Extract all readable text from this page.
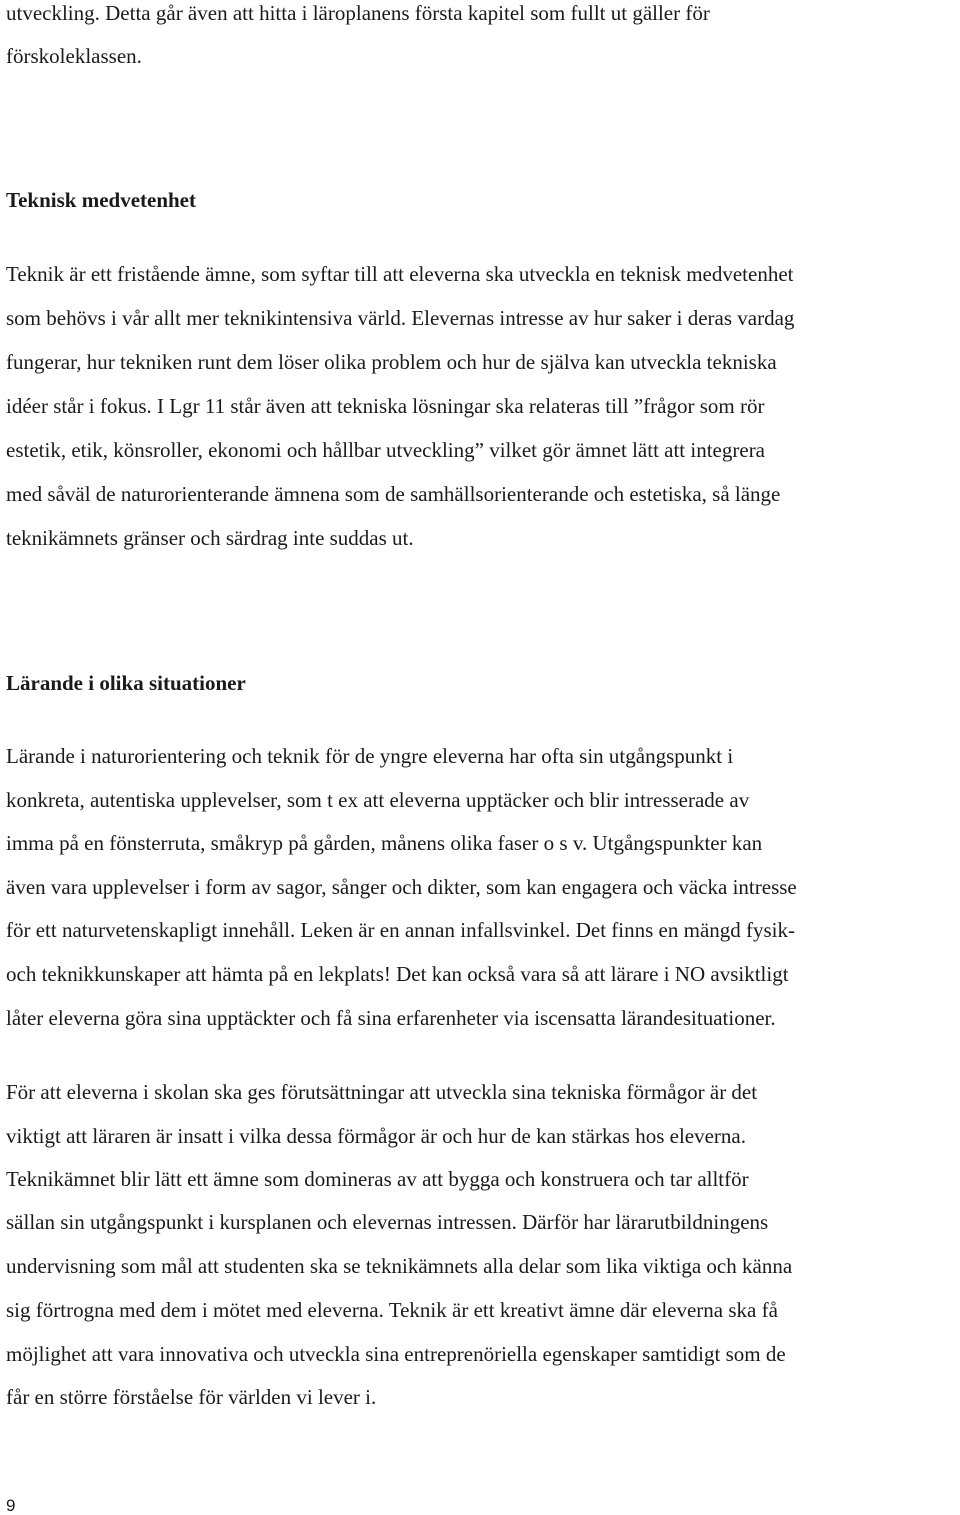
utveckling. Detta går även att hitta i läroplanens första kapitel som fullt ut gäller för
förskoleklassen.
Teknisk medvetenhet
Teknik är ett fristående ämne, som syftar till att eleverna ska utveckla en teknisk medvetenhet
som behövs i vår allt mer teknikintensiva värld. Elevernas intresse av hur saker i deras vardag
fungerar, hur tekniken runt dem löser olika problem och hur de själva kan utveckla tekniska
idéer står i fokus. I Lgr 11 står även att tekniska lösningar ska relateras till ”frågor som rör
estetik, etik, könsroller, ekonomi och hållbar utveckling” vilket gör ämnet lätt att integrera
med såväl de naturorienterande ämnena som de samhällsorienterande och estetiska, så länge
teknikämnets gränser och särdrag inte suddas ut.
Lärande i olika situationer
Lärande i naturorientering och teknik för de yngre eleverna har ofta sin utgångspunkt i
konkreta, autentiska upplevelser, som t ex att eleverna upptäcker och blir intresserade av
imma på en fönsterruta, småkryp på gården, månens olika faser o s v. Utgångspunkter kan
även vara upplevelser i form av sagor, sånger och dikter, som kan engagera och väcka intresse
för ett naturvetenskapligt innehåll. Leken är en annan infallsvinkel. Det finns en mängd fysik-
och teknikkunskaper att hämta på en lekplats! Det kan också vara så att lärare i NO avsiktligt
låter eleverna göra sina upptäckter och få sina erfarenheter via iscensatta lärandesituationer.
För att eleverna i skolan ska ges förutsättningar att utveckla sina tekniska förmågor är det
viktigt att läraren är insatt i vilka dessa förmågor är och hur de kan stärkas hos eleverna.
Teknikämnet blir lätt ett ämne som domineras av att bygga och konstruera och tar alltför
sällan sin utgångspunkt i kursplanen och elevernas intressen. Därför har lärarutbildningens
undervisning som mål att studenten ska se teknikämnets alla delar som lika viktiga och känna
sig förtrogna med dem i mötet med eleverna. Teknik är ett kreativt ämne där eleverna ska få
möjlighet att vara innovativa och utveckla sina entreprenöriella egenskaper samtidigt som de
får en större förståelse för världen vi lever i.
9
